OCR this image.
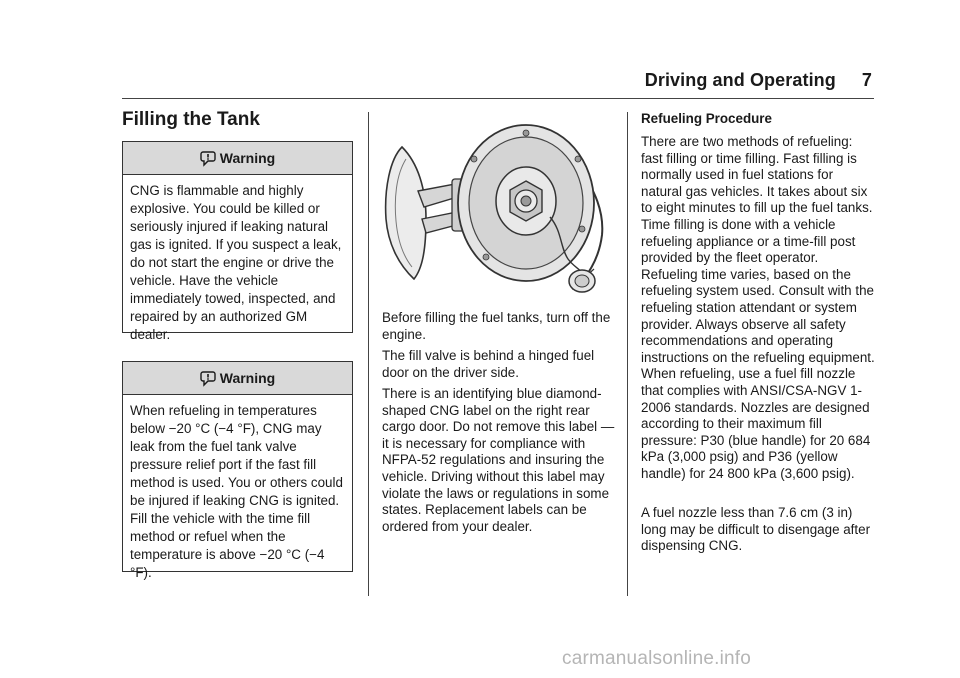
Driving and Operating 7
Filling the Tank
Warning
CNG is flammable and highly explosive. You could be killed or seriously injured if leaking natural gas is ignited. If you suspect a leak, do not start the engine or drive the vehicle. Have the vehicle immediately towed, inspected, and repaired by an authorized GM dealer.
Warning
When refueling in temperatures below −20 °C (−4 °F), CNG may leak from the fuel tank valve pressure relief port if the fast fill method is used. You or others could be injured if leaking CNG is ignited. Fill the vehicle with the time fill method or refuel when the temperature is above −20 °C (−4 °F).

Before filling the fuel tanks, turn off the engine.

The fill valve is behind a hinged fuel door on the driver side.

There is an identifying blue diamond-shaped CNG label on the right rear cargo door. Do not remove this label — it is necessary for compliance with NFPA-52 regulations and insuring the vehicle. Driving without this label may violate the laws or regulations in some states. Replacement labels can be ordered from your dealer.

Refueling Procedure

There are two methods of refueling: fast filling or time filling. Fast filling is normally used in fuel stations for natural gas vehicles. It takes about six to eight minutes to fill up the fuel tanks. Time filling is done with a vehicle refueling appliance or a time-fill post provided by the fleet operator. Refueling time varies, based on the refueling system used. Consult with the refueling station attendant or system provider. Always observe all safety recommendations and operating instructions on the refueling equipment. When refueling, use a fuel fill nozzle that complies with ANSI/CSA-NGV 1-2006 standards. Nozzles are designed according to their maximum fill pressure: P30 (blue handle) for 20 684 kPa (3,000 psig) and P36 (yellow handle) for 24 800 kPa (3,600 psig).

A fuel nozzle less than 7.6 cm (3 in) long may be difficult to disengage after dispensing CNG.

carmanualsonline.info
